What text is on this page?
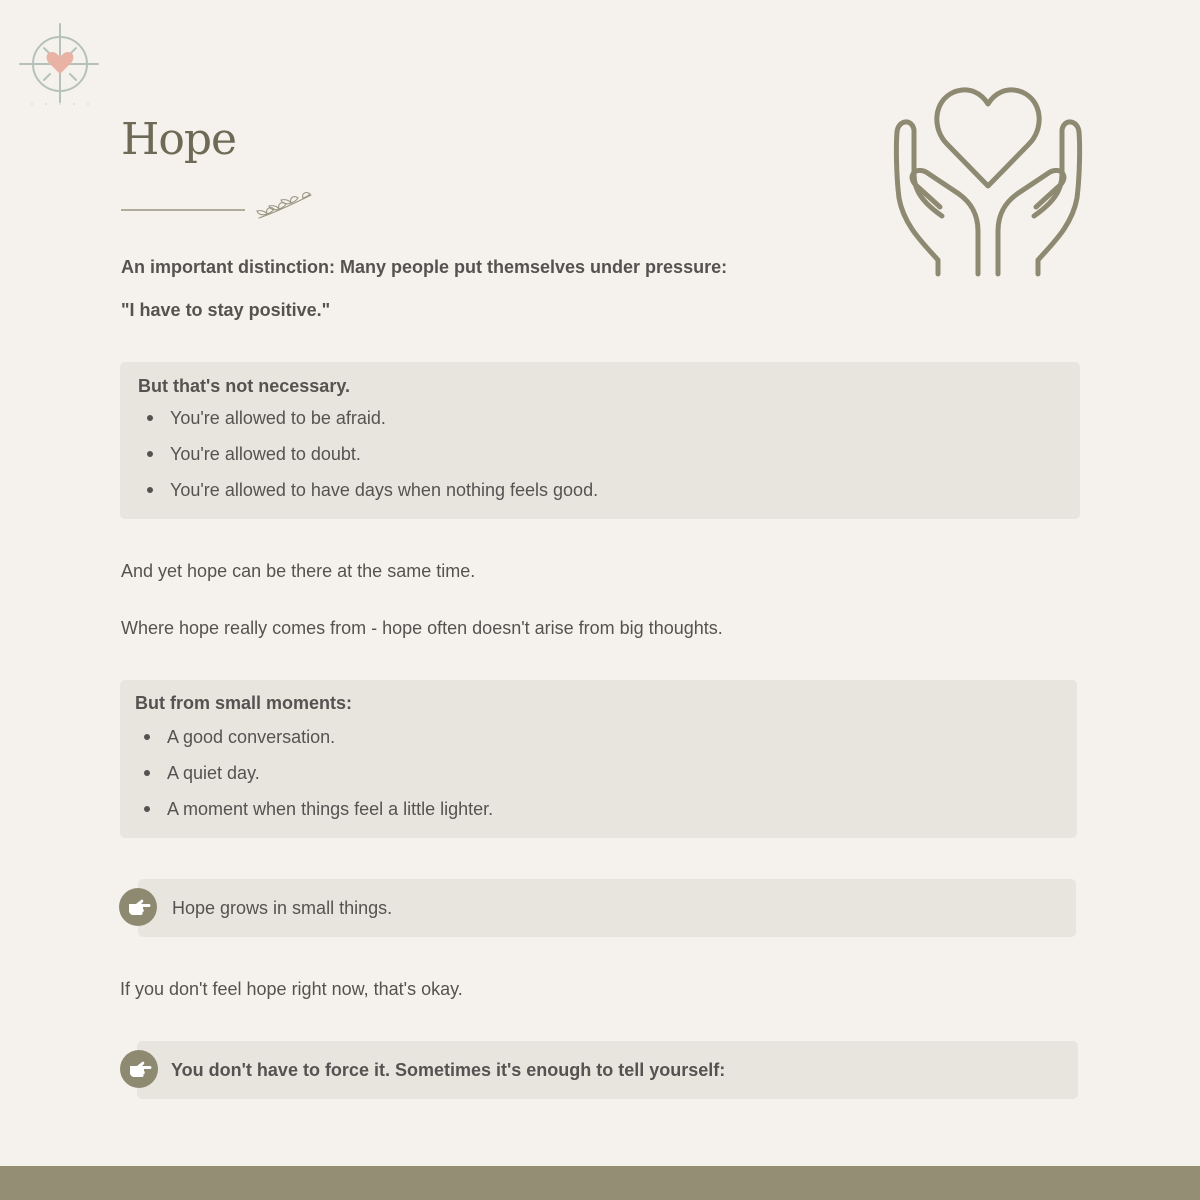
Hope

An important distinction: Many people put themselves under pressure:

"I have to stay positive."

But that's not necessary.

You're allowed to be afraid.
You're allowed to doubt.
You're allowed to have days when nothing feels good.

And yet hope can be there at the same time.

Where hope really comes from - hope often doesn't arise from big thoughts.

But from small moments:

A good conversation.
A quiet day.
A moment when things feel a little lighter.
Hope grows in small things.

If you don't feel hope right now, that's okay.

You don't have to force it. Sometimes it's enough to tell yourself:
